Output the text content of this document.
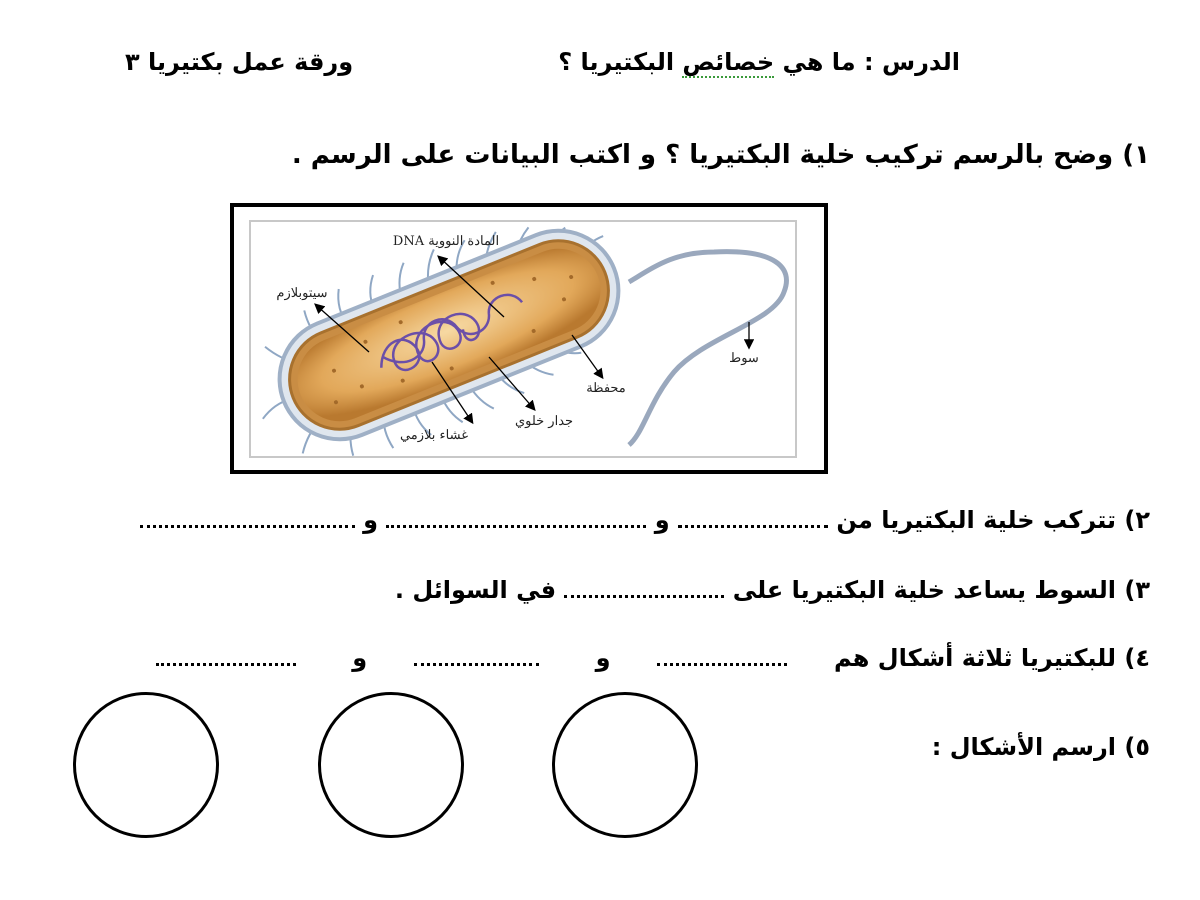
الدرس : ما هي خصائص البكتيريا ؟
ورقة عمل بكتيريا ٣
١) وضح بالرسم تركيب خلية البكتيريا ؟ و اكتب البيانات على الرسم .
المادة النووية DNA
سيتوبلازم
سوط
محفظة
جدار خلوي
غشاء بلازمي
٢) تتركب خلية البكتيريا من  و  و
٣) السوط يساعد خلية البكتيريا على  في السوائل .
٤) للبكتيريا ثلاثة أشكال هم    و    و
٥) ارسم الأشكال :
